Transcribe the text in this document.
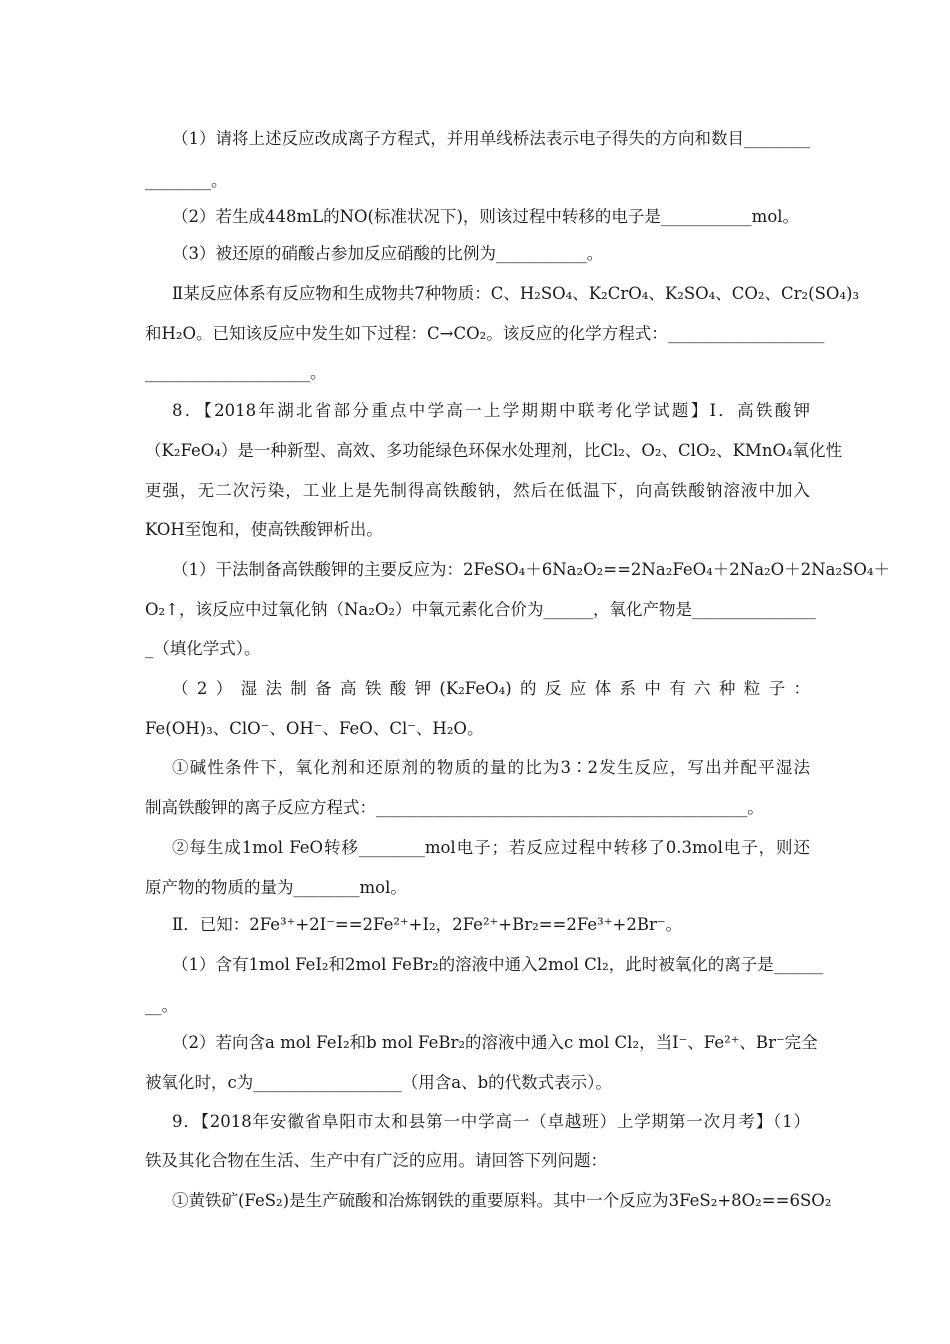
（1）请将上述反应改成离子方程式，并用单线桥法表示电子得失的方向和数目________
________。
（2）若生成448mL的NO(标准状况下)，则该过程中转移的电子是___________mol。
（3）被还原的硝酸占参加反应硝酸的比例为___________。
Ⅱ某反应体系有反应物和生成物共7种物质：C、H₂SO₄、K₂CrO₄、K₂SO₄、CO₂、Cr₂(SO₄)₃
和H₂O。已知该反应中发生如下过程：C→CO₂。该反应的化学方程式：___________________
____________________。
8．【2018年湖北省部分重点中学高一上学期期中联考化学试题】Ⅰ．高铁酸钾
（K₂FeO₄）是一种新型、高效、多功能绿色环保水处理剂，比Cl₂、O₂、ClO₂、KMnO₄氧化性
更强，无二次污染，工业上是先制得高铁酸钠，然后在低温下，向高铁酸钠溶液中加入
KOH至饱和，使高铁酸钾析出。
（1）干法制备高铁酸钾的主要反应为：2FeSO₄＋6Na₂O₂==2Na₂FeO₄＋2Na₂O＋2Na₂SO₄＋
O₂↑，该反应中过氧化钠（Na₂O₂）中氧元素化合价为______，氧化产物是_______________
_（填化学式）。
（2）湿法制备高铁酸钾(K₂FeO₄)的反应体系中有六种粒子：
Fe(OH)₃、ClO⁻、OH⁻、FeO、Cl⁻、H₂O。
①碱性条件下，氧化剂和还原剂的物质的量的比为3∶2发生反应，写出并配平湿法
制高铁酸钾的离子反应方程式：_____________________________________________。
②每生成1mol FeO转移________mol电子；若反应过程中转移了0.3mol电子，则还
原产物的物质的量为________mol。
Ⅱ．已知：2Fe³⁺+2I⁻==2Fe²⁺+I₂，2Fe²⁺+Br₂==2Fe³⁺+2Br⁻。
（1）含有1mol FeI₂和2mol FeBr₂的溶液中通入2mol Cl₂，此时被氧化的离子是______
__。
（2）若向含a mol FeI₂和b mol FeBr₂的溶液中通入c mol Cl₂，当I⁻、Fe²⁺、Br⁻完全
被氧化时，c为__________________（用含a、b的代数式表示）。
9．【2018年安徽省阜阳市太和县第一中学高一（卓越班）上学期第一次月考】（1）
铁及其化合物在生活、生产中有广泛的应用。请回答下列问题：
①黄铁矿(FeS₂)是生产硫酸和冶炼钢铁的重要原料。其中一个反应为3FeS₂+8O₂==6SO₂
